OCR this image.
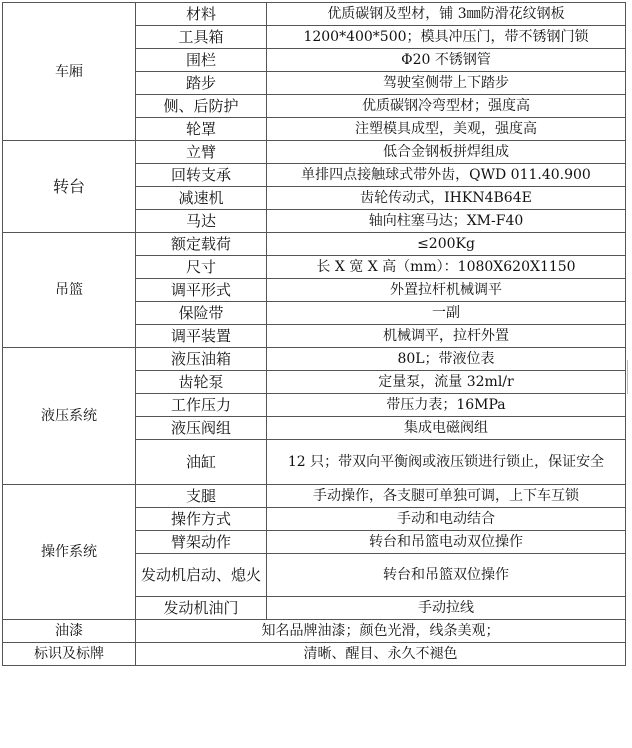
车厢	材料	优质碳钢及型材，铺 3㎜防滑花纹钢板
	工具箱	1200*400*500；模具冲压门，带不锈钢门锁
	围栏	Φ20 不锈钢管
	踏步	驾驶室侧带上下踏步
	侧、后防护	优质碳钢冷弯型材；强度高
	轮罩	注塑模具成型，美观，强度高
转台	立臂	低合金钢板拼焊组成
	回转支承	单排四点接触球式带外齿，QWD 011.40.900
	减速机	齿轮传动式，IHKN4B64E
	马达	轴向柱塞马达；XM-F40
吊篮	额定载荷	≤200Kg
	尺寸	长 X 宽 X 高（mm）：1080X620X1150
	调平形式	外置拉杆机械调平
	保险带	一副
	调平装置	机械调平，拉杆外置
液压系统	液压油箱	80L；带液位表
	齿轮泵	定量泵，流量 32ml/r
	工作压力	带压力表；16MPa
	液压阀组	集成电磁阀组
	油缸	12 只；带双向平衡阀或液压锁进行锁止，保证安全
操作系统	支腿	手动操作，各支腿可单独可调，上下车互锁
	操作方式	手动和电动结合
	臂架动作	转台和吊篮电动双位操作
	发动机启动、熄火	转台和吊篮双位操作
	发动机油门	手动拉线
油漆	知名品牌油漆；颜色光滑，线条美观；	
标识及标牌	清晰、醒目、永久不褪色	
